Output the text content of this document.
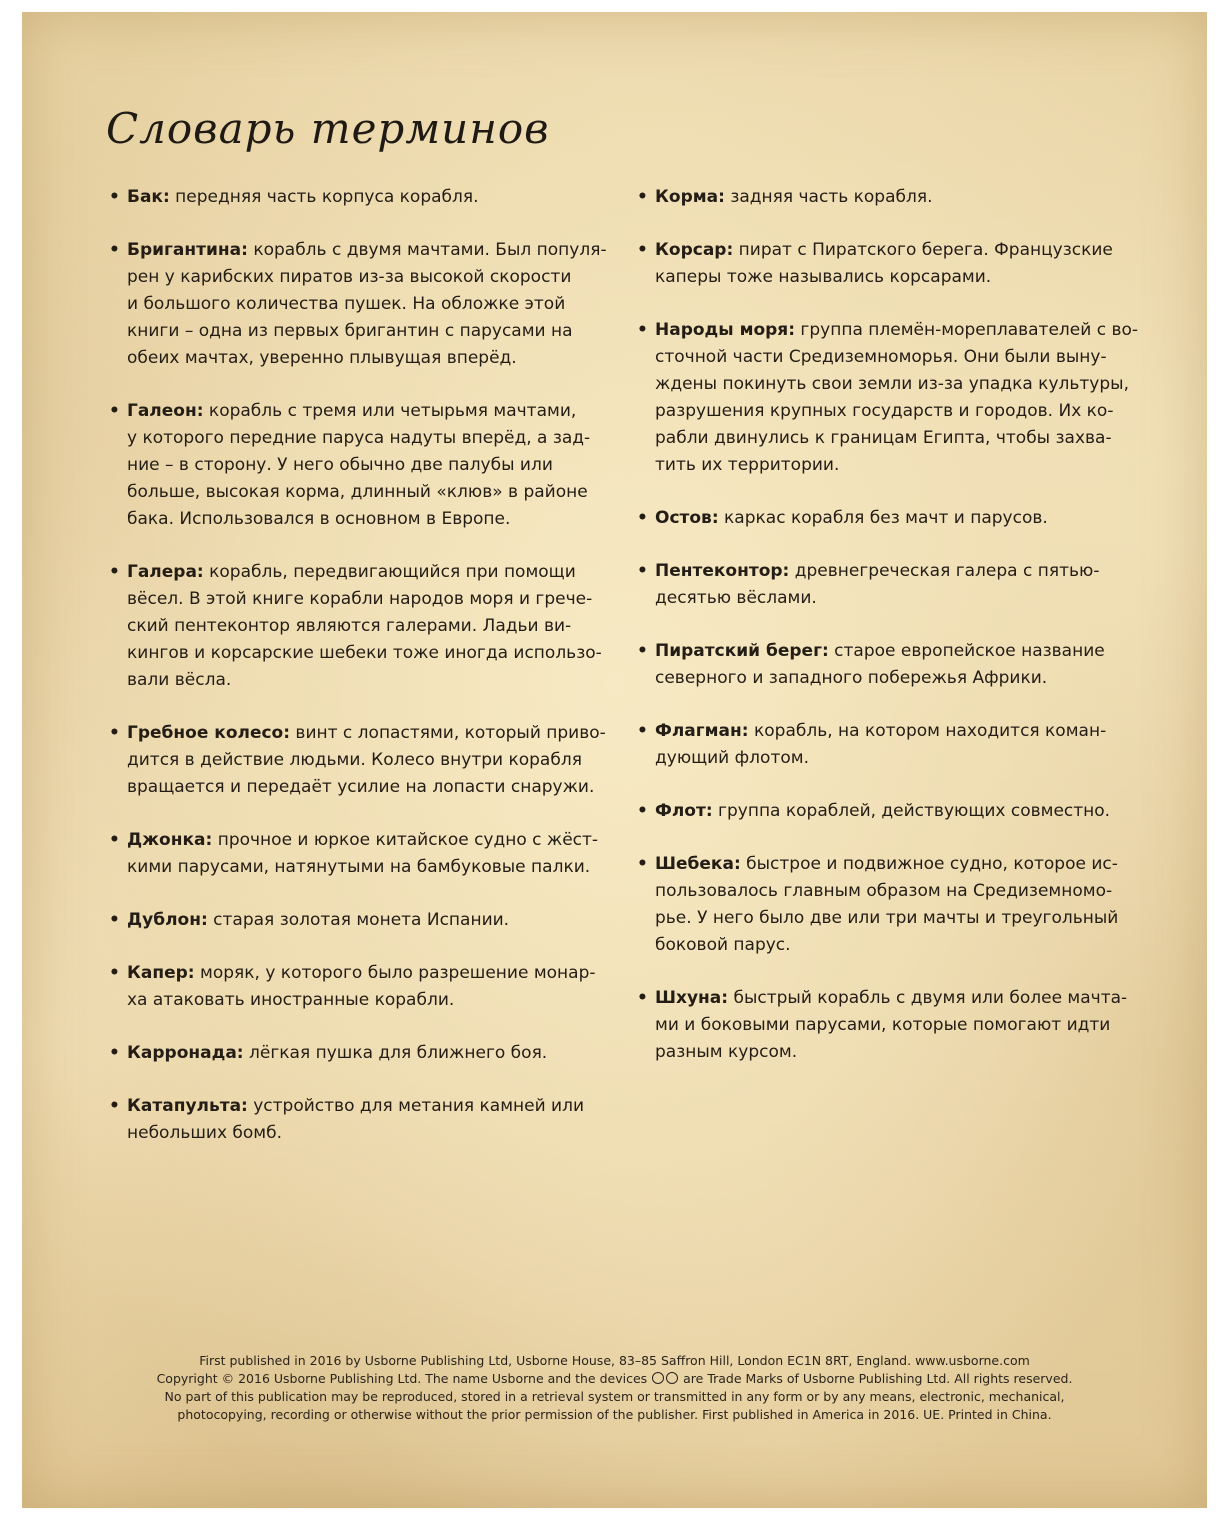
Словарь терминов
• Бак: передняя часть корпуса корабля.
• Бригантина: корабль с двумя мачтами. Был популя-
рен у карибских пиратов из-за высокой скорости
и большого количества пушек. На обложке этой
книги – одна из первых бригантин с парусами на
обеих мачтах, уверенно плывущая вперёд.
• Галеон: корабль с тремя или четырьмя мачтами,
у которого передние паруса надуты вперёд, а зад-
ние – в сторону. У него обычно две палубы или
больше, высокая корма, длинный «клюв» в районе
бака. Использовался в основном в Европе.
• Галера: корабль, передвигающийся при помощи
вёсел. В этой книге корабли народов моря и грече-
ский пентеконтор являются галерами. Ладьи ви-
кингов и корсарские шебеки тоже иногда использо-
вали вёсла.
• Гребное колесо: винт с лопастями, который приво-
дится в действие людьми. Колесо внутри корабля
вращается и передаёт усилие на лопасти снаружи.
• Джонка: прочное и юркое китайское судно с жёст-
кими парусами, натянутыми на бамбуковые палки.
• Дублон: старая золотая монета Испании.
• Капер: моряк, у которого было разрешение монар-
ха атаковать иностранные корабли.
• Карронада: лёгкая пушка для ближнего боя.
• Катапульта: устройство для метания камней или
небольших бомб.
• Корма: задняя часть корабля.
• Корсар: пират с Пиратского берега. Французские
каперы тоже назывались корсарами.
• Народы моря: группа племён-мореплавателей с во-
сточной части Средиземноморья. Они были выну-
ждены покинуть свои земли из-за упадка культуры,
разрушения крупных государств и городов. Их ко-
рабли двинулись к границам Египта, чтобы захва-
тить их территории.
• Остов: каркас корабля без мачт и парусов.
• Пентеконтор: древнегреческая галера с пятью-
десятью вёслами.
• Пиратский берег: старое европейское название
северного и западного побережья Африки.
• Флагман: корабль, на котором находится коман-
дующий флотом.
• Флот: группа кораблей, действующих совместно.
• Шебека: быстрое и подвижное судно, которое ис-
пользовалось главным образом на Средиземномо-
рье. У него было две или три мачты и треугольный
боковой парус.
• Шхуна: быстрый корабль с двумя или более мачта-
ми и боковыми парусами, которые помогают идти
разным курсом.
First published in 2016 by Usborne Publishing Ltd, Usborne House, 83–85 Saffron Hill, London EC1N 8RT, England. www.usborne.com
Copyright © 2016 Usborne Publishing Ltd. The name Usborne and the devices	are Trade Marks of Usborne Publishing Ltd. All rights reserved.
No part of this publication may be reproduced, stored in a retrieval system or transmitted in any form or by any means, electronic, mechanical,
photocopying, recording or otherwise without the prior permission of the publisher. First published in America in 2016. UE. Printed in China.
